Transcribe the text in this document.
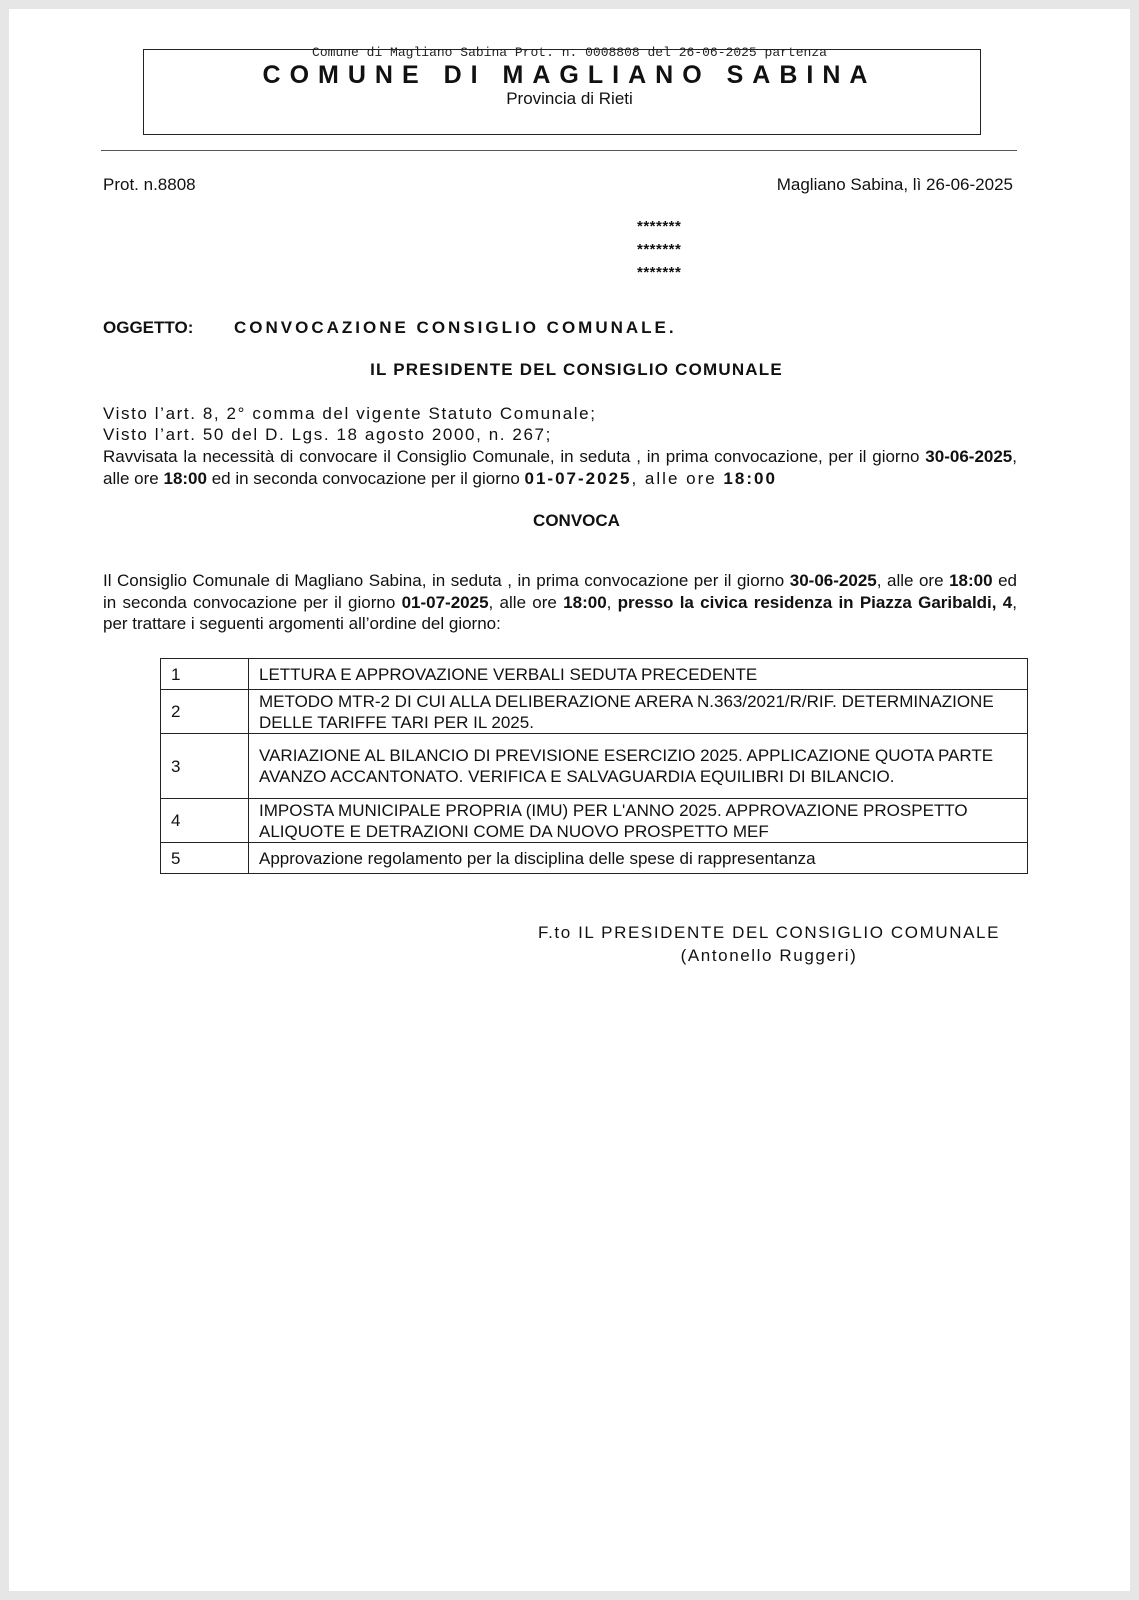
Comune di Magliano Sabina Prot. n. 0008808 del 26-06-2025 partenza
COMUNE DI MAGLIANO SABINA
Provincia di Rieti
Prot. n.8808	Magliano Sabina, lì 26-06-2025
*******
*******
*******
OGGETTO: CONVOCAZIONE CONSIGLIO COMUNALE.
IL PRESIDENTE DEL CONSIGLIO COMUNALE
Visto l’art. 8, 2° comma del vigente Statuto Comunale;
Visto l’art. 50 del D. Lgs. 18 agosto 2000, n. 267;
Ravvisata la necessità di convocare il Consiglio Comunale, in seduta , in prima convocazione, per il giorno 30-06-2025, alle ore 18:00 ed in seconda convocazione per il giorno 01-07-2025, alle ore 18:00
CONVOCA
Il Consiglio Comunale di Magliano Sabina, in seduta , in prima convocazione per il giorno 30-06-2025, alle ore 18:00 ed in seconda convocazione per il giorno 01-07-2025, alle ore 18:00, presso la civica residenza in Piazza Garibaldi, 4, per trattare i seguenti argomenti all’ordine del giorno:
1	LETTURA E APPROVAZIONE VERBALI SEDUTA PRECEDENTE
2	METODO MTR-2 DI CUI ALLA DELIBERAZIONE ARERA N.363/2021/R/RIF. DETERMINAZIONE DELLE TARIFFE TARI PER IL 2025.
3	VARIAZIONE AL BILANCIO DI PREVISIONE ESERCIZIO 2025. APPLICAZIONE QUOTA PARTE AVANZO ACCANTONATO. VERIFICA E SALVAGUARDIA EQUILIBRI DI BILANCIO.
4	IMPOSTA MUNICIPALE PROPRIA (IMU) PER L'ANNO 2025. APPROVAZIONE PROSPETTO ALIQUOTE E DETRAZIONI COME DA NUOVO PROSPETTO MEF
5	Approvazione regolamento per la disciplina delle spese di rappresentanza
F.to IL PRESIDENTE DEL CONSIGLIO COMUNALE
(Antonello Ruggeri)
